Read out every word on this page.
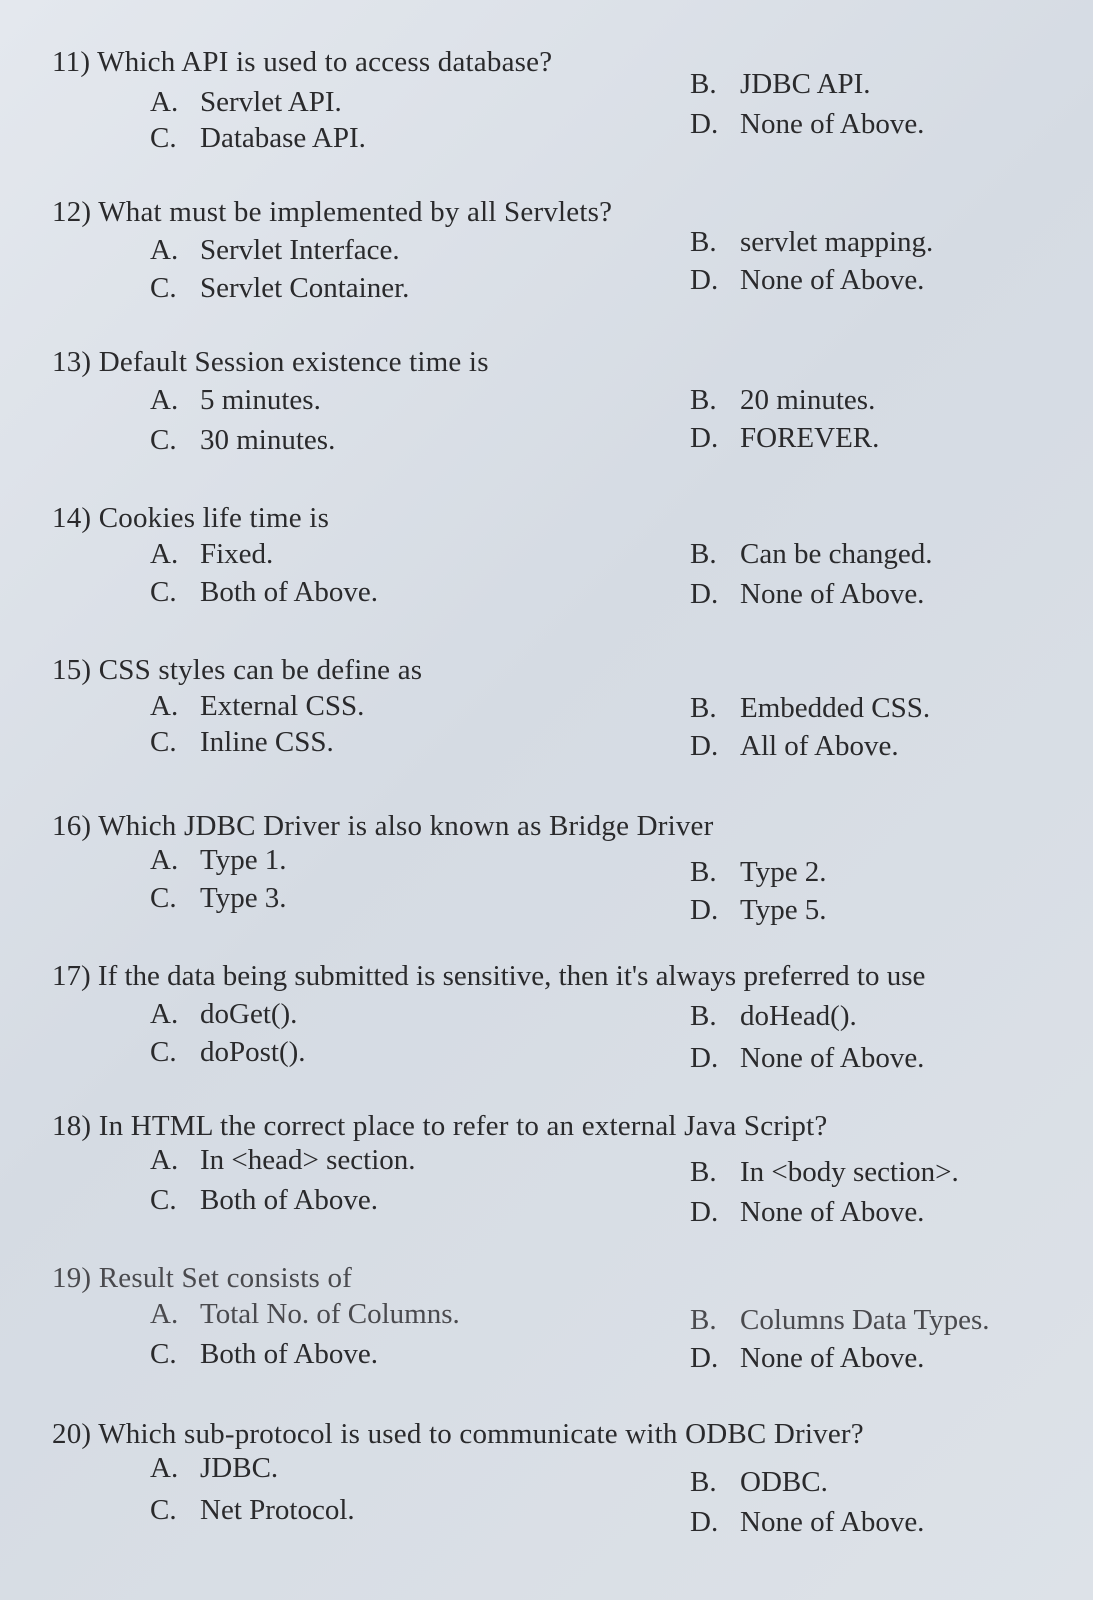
11) Which API is used to access database?
A. Servlet API.
B. JDBC API.
C. Database API.	D. None of Above.
12) What must be implemented by all Servlets?
A. Servlet Interface.	B. servlet mapping.
C. Servlet Container.	D. None of Above.
13) Default Session existence time is
A. 5 minutes.	B. 20 minutes.
C. 30 minutes.	D. FOREVER.
14) Cookies life time is
A. Fixed.	B. Can be changed.
C. Both of Above.	D. None of Above.
15) CSS styles can be define as
A. External CSS.	B. Embedded CSS.
C. Inline CSS.	D. All of Above.
16) Which JDBC Driver is also known as Bridge Driver
A. Type 1.	B. Type 2.
C. Type 3.	D. Type 5.
17) If the data being submitted is sensitive, then it's always preferred to use
A. doGet().	B. doHead().
C. doPost().	D. None of Above.
18) In HTML the correct place to refer to an external Java Script?
A. In <head> section.	B. In <body section>.
C. Both of Above.	D. None of Above.
19) Result Set consists of
A. Total No. of Columns.	B. Columns Data Types.
C. Both of Above.	D. None of Above.
20) Which sub-protocol is used to communicate with ODBC Driver?
A. JDBC.	B. ODBC.
C. Net Protocol.	D. None of Above.
